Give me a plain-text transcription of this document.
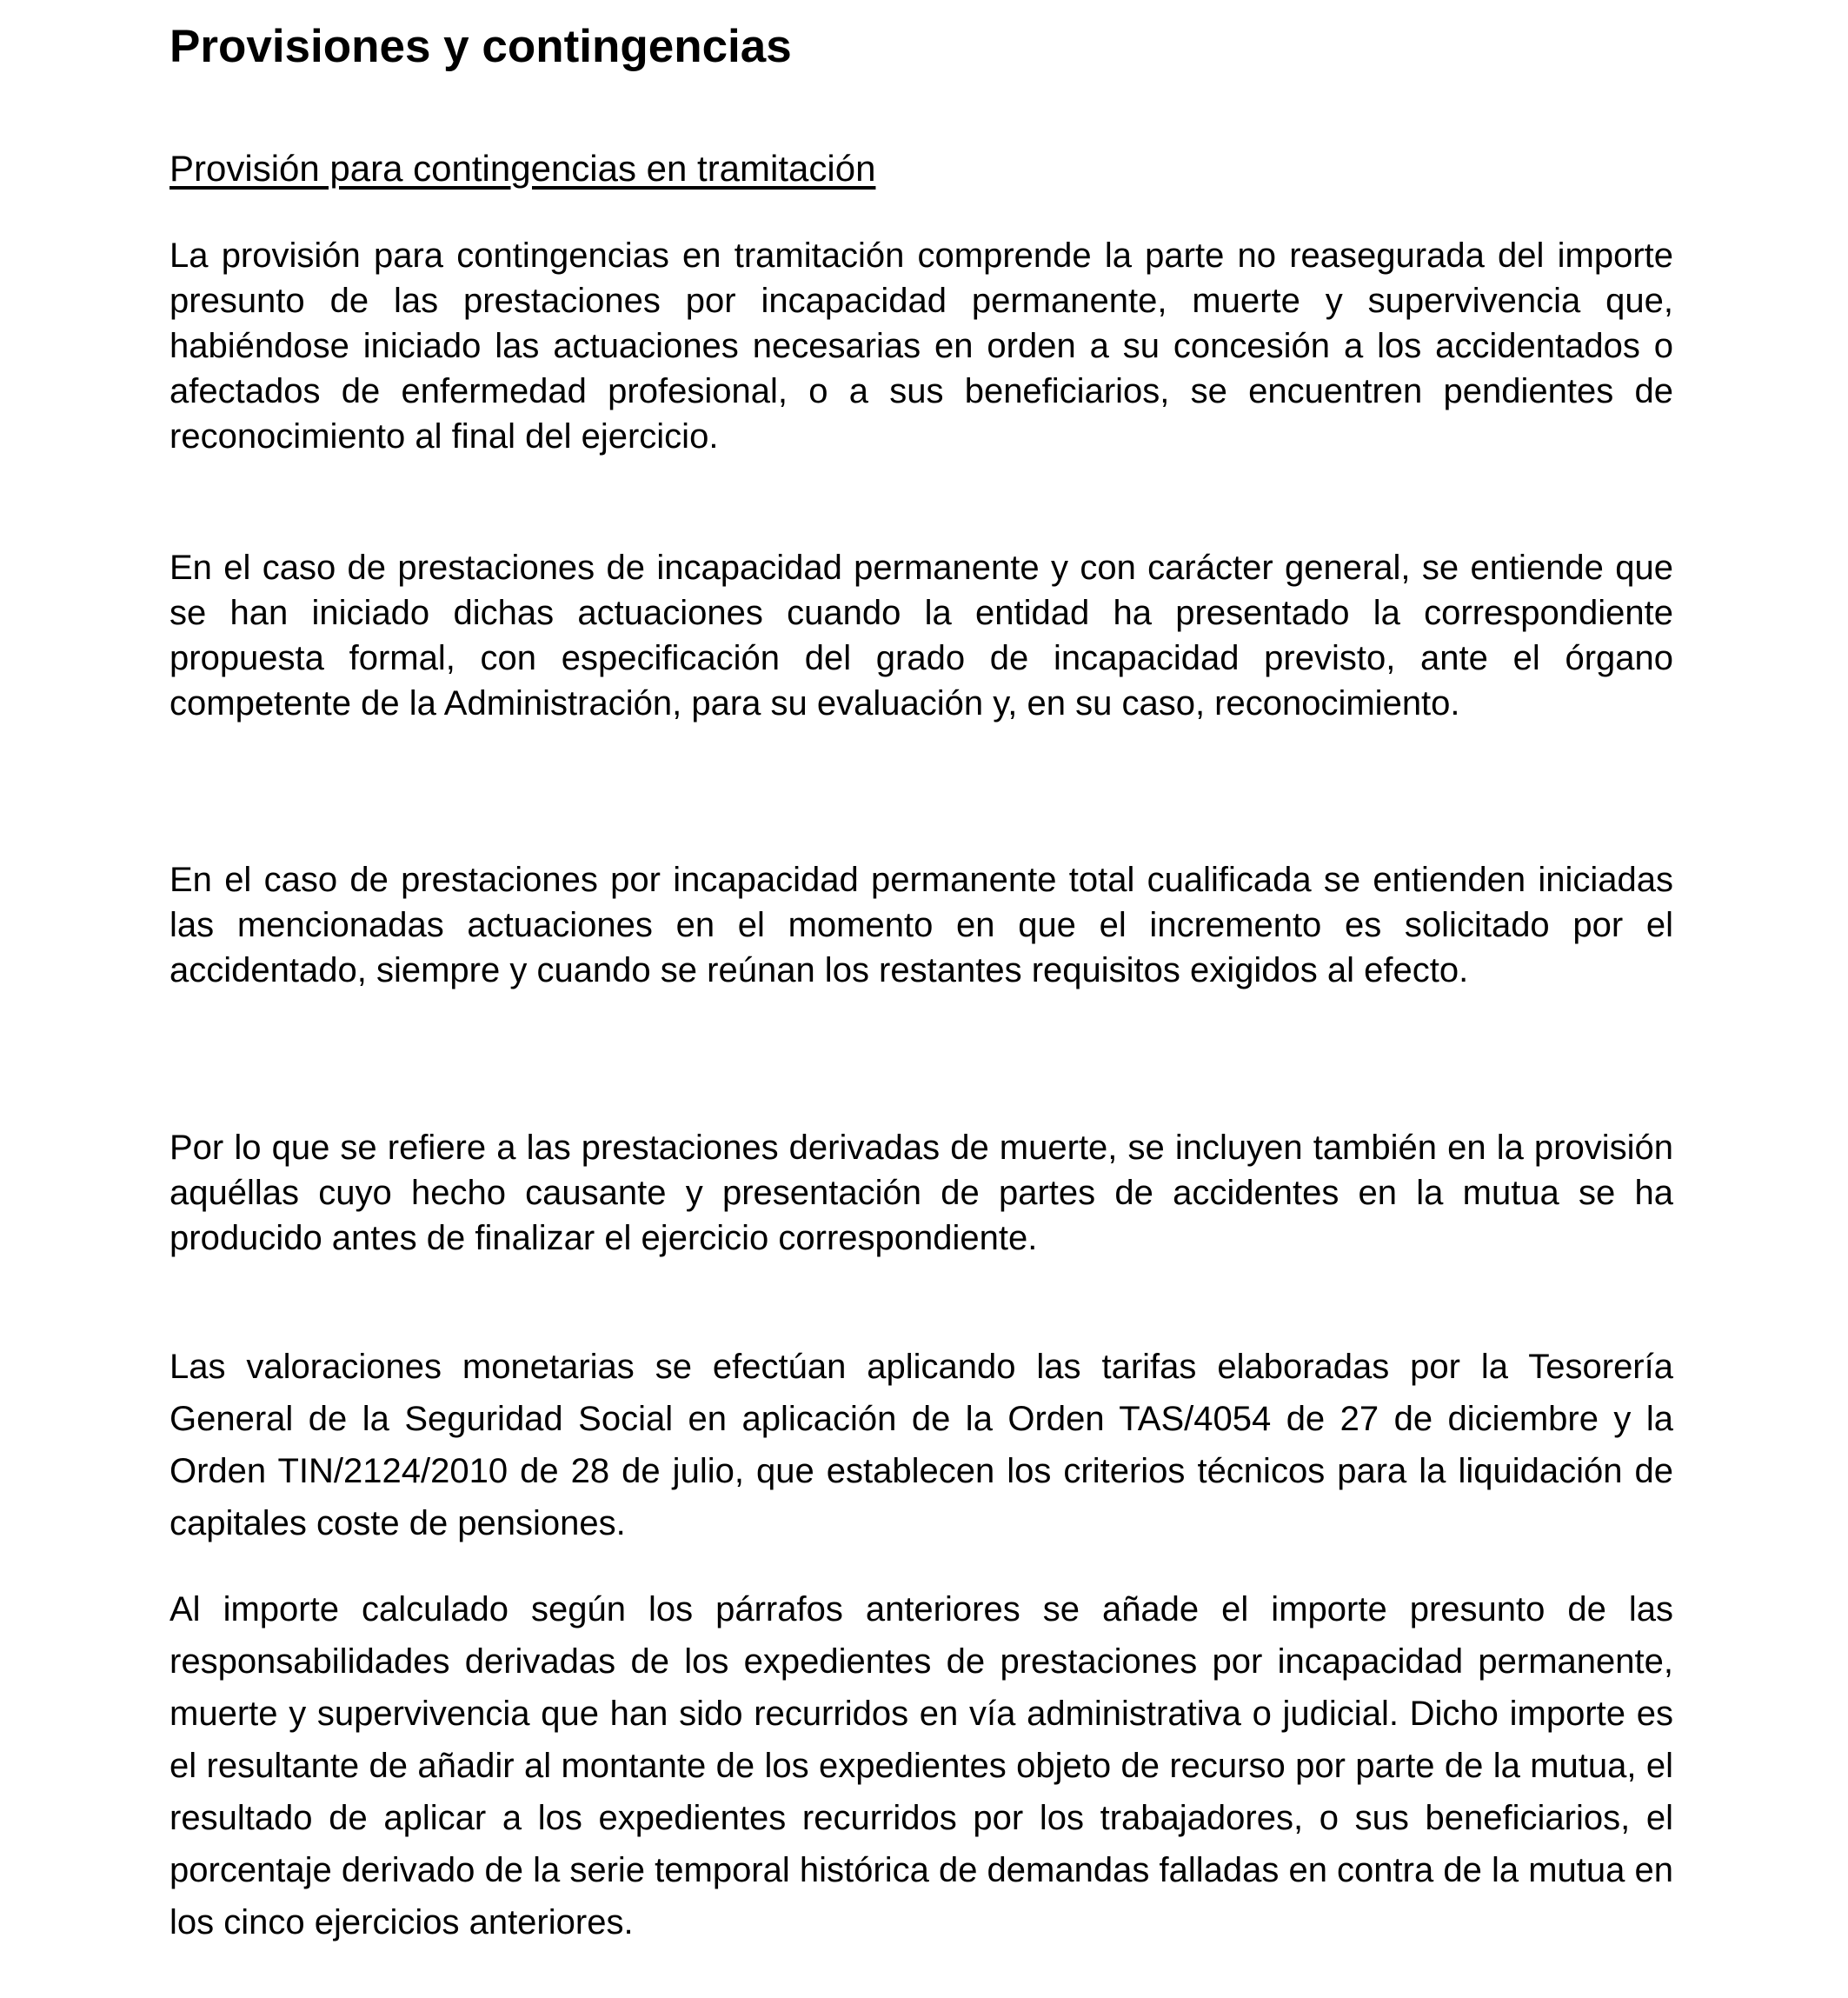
Provisiones y contingencias
Provisión para contingencias en tramitación

La provisión para contingencias en tramitación comprende la parte no reasegurada del importe presunto de las prestaciones por incapacidad permanente, muerte y supervivencia que, habiéndose iniciado las actuaciones necesarias en orden a su concesión a los accidentados o afectados de enfermedad profesional, o a sus beneficiarios, se encuentren pendientes de reconocimiento al final del ejercicio.

En el caso de prestaciones de incapacidad permanente y con carácter general, se entiende que se han iniciado dichas actuaciones cuando la entidad ha presentado la correspondiente propuesta formal, con especificación del grado de incapacidad previsto, ante el órgano competente de la Administración, para su evaluación y, en su caso, reconocimiento.

En el caso de prestaciones por incapacidad permanente total cualificada se entienden iniciadas las mencionadas actuaciones en el momento en que el incremento es solicitado por el accidentado, siempre y cuando se reúnan los restantes requisitos exigidos al efecto.

Por lo que se refiere a las prestaciones derivadas de muerte, se incluyen también en la provisión aquéllas cuyo hecho causante y presentación de partes de accidentes en la mutua se ha producido antes de finalizar el ejercicio correspondiente.

Las valoraciones monetarias se efectúan aplicando las tarifas elaboradas por la Tesorería General de la Seguridad Social en aplicación de la Orden TAS/4054 de 27 de diciembre y la Orden TIN/2124/2010 de 28 de julio, que establecen los criterios técnicos para la liquidación de capitales coste de pensiones.

Al importe calculado según los párrafos anteriores se añade el importe presunto de las responsabilidades derivadas de los expedientes de prestaciones por incapacidad permanente, muerte y supervivencia que han sido recurridos en vía administrativa o judicial. Dicho importe es el resultante de añadir al montante de los expedientes objeto de recurso por parte de la mutua, el resultado de aplicar a los expedientes recurridos por los trabajadores, o sus beneficiarios, el porcentaje derivado de la serie temporal histórica de demandas falladas en contra de la mutua en los cinco ejercicios anteriores.
